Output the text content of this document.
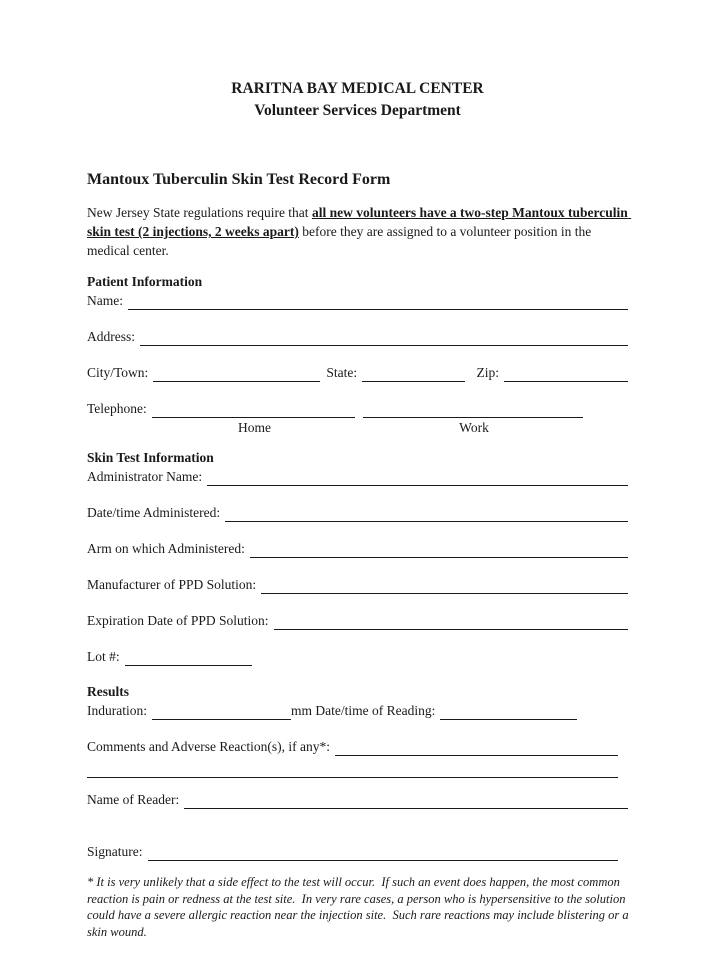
RARITNA BAY MEDICAL CENTER
Volunteer Services Department
Mantoux Tuberculin Skin Test Record Form

New Jersey State regulations require that all new volunteers have a two-step Mantoux tuberculin skin test (2 injections, 2 weeks apart) before they are assigned to a volunteer position in the medical center.

Patient Information
Name:
Address:
City/Town:	State:	Zip:
Telephone:
Home	Work
Skin Test Information
Administrator Name:
Date/time Administered:
Arm on which Administered:
Manufacturer of PPD Solution:
Expiration Date of PPD Solution:
Lot #:
Results
Induration:	mm Date/time of Reading:
Comments and Adverse Reaction(s), if any*:
Name of Reader:
Signature:

* It is very unlikely that a side effect to the test will occur.  If such an event does happen, the most common reaction is pain or redness at the test site.  In very rare cases, a person who is hypersensitive to the solution could have a severe allergic reaction near the injection site.  Such rare reactions may include blistering or a skin wound.
